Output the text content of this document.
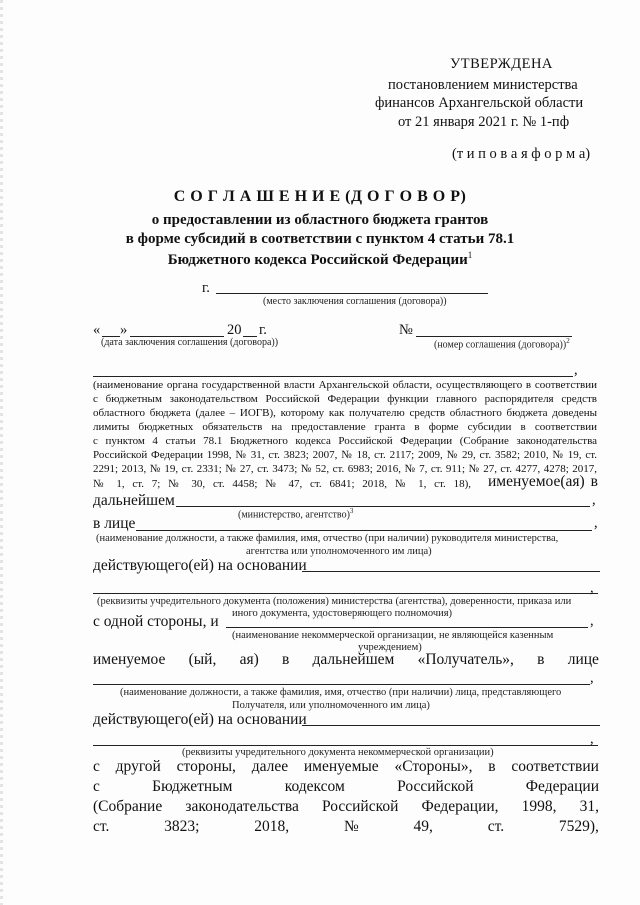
УТВЕРЖДЕНА
постановлением министерства
финансов Архангельской области
от 21 января 2021 г. № 1-пф
(т и п о в а я ф о р м а)
С О Г Л А Ш Е Н И Е (Д О Г О В О Р)
о предоставлении из областного бюджета грантов
в форме субсидий в соответствии с пунктом 4 статьи 78.1
Бюджетного кодекса Российской Федерации$^1$
г.
(место заключения соглашения (договора))
« »	20 г.
(дата заключения соглашения (договора))
№
(номер соглашения (договора))$^2$
,
(наименование органа государственной власти Архангельской области, осуществляющего в соответствии
с бюджетным законодательством Российской Федерации функции главного распорядителя средств
областного бюджета (далее – ИОГВ), которому как получателю средств областного бюджета доведены
лимиты бюджетных обязательств на предоставление гранта в форме субсидии в соответствии
с пунктом 4 статьи 78.1 Бюджетного кодекса Российской Федерации (Собрание законодательства
Российской Федерации 1998, № 31, ст. 3823; 2007, № 18, ст. 2117; 2009, № 29, ст. 3582; 2010, № 19, ст.
2291; 2013, № 19, ст. 2331; № 27, ст. 3473; № 52, ст. 6983; 2016, № 7, ст. 911; № 27, ст. 4277, 4278; 2017,
№ 1, ст. 7; № 30, ст. 4458; № 47, ст. 6841; 2018, № 1, ст. 18), именуемое(ая) в
дальнейшем	,
(министерство, агентство)$^3$
в лице	,
(наименование должности, а также фамилия, имя, отчество (при наличии) руководителя министерства,
агентства или уполномоченного им лица)
действующего(ей) на основании
,
(реквизиты учредительного документа (положения) министерства (агентства), доверенности, приказа или
иного документа, удостоверяющего полномочия)
с одной стороны, и	,
(наименование некоммерческой организации, не являющейся казенным
учреждением)
именуемое (ый, ая) в дальнейшем «Получатель», в лице
,
(наименование должности, а также фамилия, имя, отчество (при наличии) лица, представляющего
Получателя, или уполномоченного им лица)
действующего(ей) на основании
,
(реквизиты учредительного документа некоммерческой организации)
с другой стороны, далее именуемые «Стороны», в соответствии
с	Бюджетным	кодексом	Российской	Федерации
(Собрание законодательства Российской Федерации, 1998, 31,
ст.	3823;	2018,	№	49,	ст.	7529),
